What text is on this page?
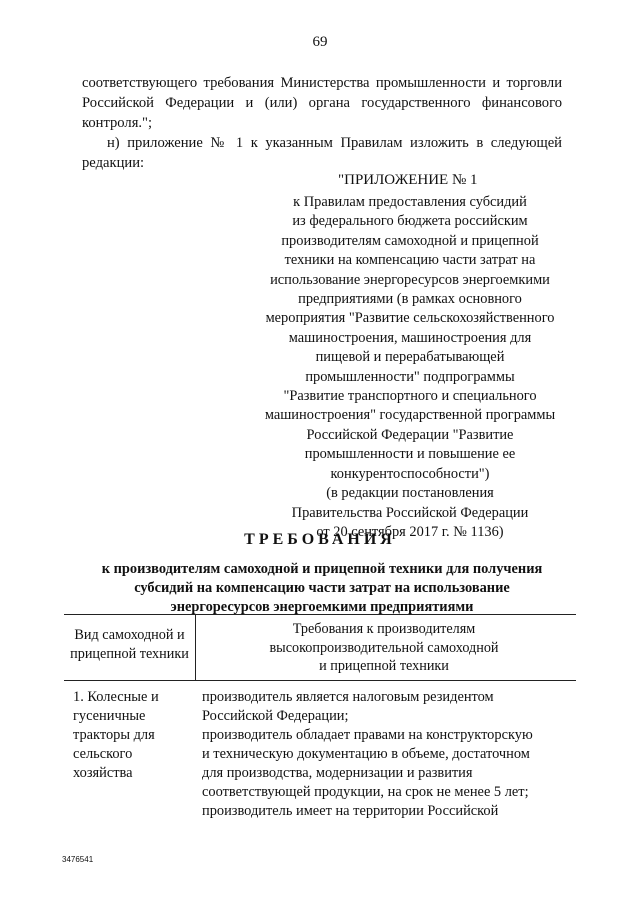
69
соответствующего требования Министерства промышленности и торговли
Российской Федерации и (или) органа государственного финансового
контроля.";
н) приложение № 1 к указанным Правилам изложить в следующей
редакции:
"ПРИЛОЖЕНИЕ № 1
к Правилам предоставления субсидий
из федерального бюджета российским
производителям самоходной и прицепной
техники на компенсацию части затрат на
использование энергоресурсов энергоемкими
предприятиями (в рамках основного
мероприятия "Развитие сельскохозяйственного
машиностроения, машиностроения для
пищевой и перерабатывающей
промышленности" подпрограммы
"Развитие транспортного и специального
машиностроения" государственной программы
Российской Федерации "Развитие
промышленности и повышение ее
конкурентоспособности")
(в редакции постановления
Правительства Российской Федерации
от 20 сентября 2017 г. № 1136)
ТРЕБОВАНИЯ
к производителям самоходной и прицепной техники для получения
субсидий на компенсацию части затрат на использование
энергоресурсов энергоемкими предприятиями
Вид самоходной и
прицепной техники
Требования к производителям
высокопроизводительной самоходной
и прицепной техники
1. Колесные и
гусеничные
тракторы для
сельского
хозяйства
производитель является налоговым резидентом
Российской Федерации;
производитель обладает правами на конструкторскую
и техническую документацию в объеме, достаточном
для производства, модернизации и развития
соответствующей продукции, на срок не менее 5 лет;
производитель имеет на территории Российской
3476541
